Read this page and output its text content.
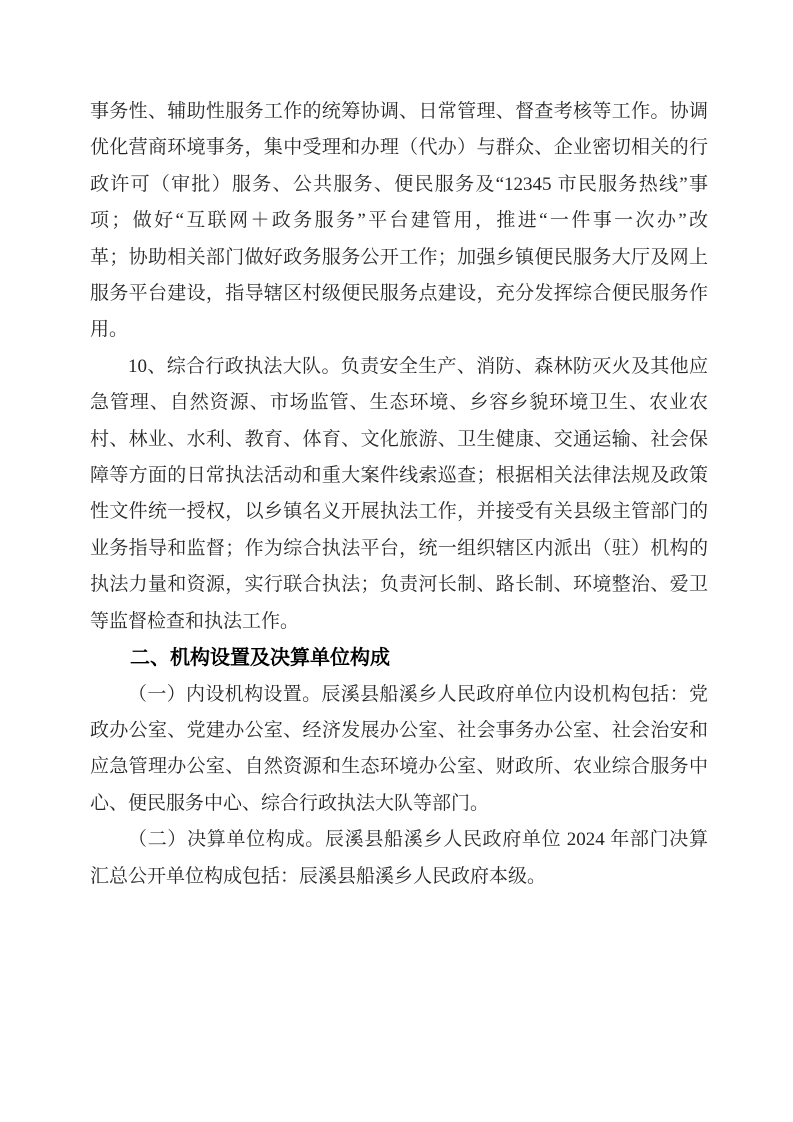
事务性、辅助性服务工作的统筹协调、日常管理、督查考核等工作。协调
优化营商环境事务，集中受理和办理（代办）与群众、企业密切相关的行
政许可（审批）服务、公共服务、便民服务及“12345 市民服务热线”事
项；做好“互联网＋政务服务”平台建管用，推进“一件事一次办”改
革；协助相关部门做好政务服务公开工作；加强乡镇便民服务大厅及网上
服务平台建设，指导辖区村级便民服务点建设，充分发挥综合便民服务作
用。
10、综合行政执法大队。负责安全生产、消防、森林防灭火及其他应
急管理、自然资源、市场监管、生态环境、乡容乡貌环境卫生、农业农
村、林业、水利、教育、体育、文化旅游、卫生健康、交通运输、社会保
障等方面的日常执法活动和重大案件线索巡查；根据相关法律法规及政策
性文件统一授权，以乡镇名义开展执法工作，并接受有关县级主管部门的
业务指导和监督；作为综合执法平台，统一组织辖区内派出（驻）机构的
执法力量和资源，实行联合执法；负责河长制、路长制、环境整治、爱卫
等监督检查和执法工作。
二、机构设置及决算单位构成
（一）内设机构设置。辰溪县船溪乡人民政府单位内设机构包括：党
政办公室、党建办公室、经济发展办公室、社会事务办公室、社会治安和
应急管理办公室、自然资源和生态环境办公室、财政所、农业综合服务中
心、便民服务中心、综合行政执法大队等部门。
（二）决算单位构成。辰溪县船溪乡人民政府单位 2024 年部门决算
汇总公开单位构成包括：辰溪县船溪乡人民政府本级。
